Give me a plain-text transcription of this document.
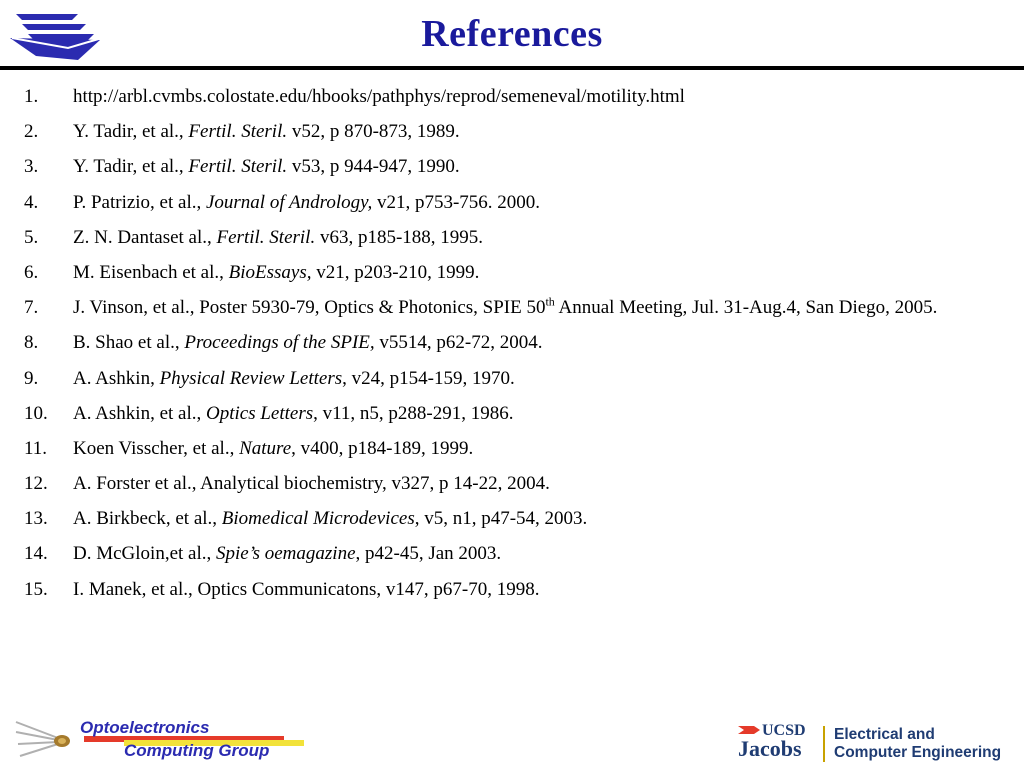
References
1.	http://arbl.cvmbs.colostate.edu/hbooks/pathphys/reprod/semeneval/motility.html
2.	Y. Tadir, et al., Fertil. Steril. v52, p 870-873, 1989.
3.	Y. Tadir, et al., Fertil. Steril. v53, p 944-947, 1990.
4.	P. Patrizio, et al., Journal of Andrology, v21, p753-756. 2000.
5.	Z. N. Dantaset al., Fertil. Steril. v63, p185-188, 1995.
6.	M. Eisenbach et al., BioEssays, v21, p203-210, 1999.
7.	J. Vinson, et al., Poster 5930-79, Optics & Photonics, SPIE 50th Annual Meeting, Jul. 31-Aug.4, San Diego, 2005.
8.	B. Shao et al., Proceedings of the SPIE, v5514, p62-72, 2004.
9.	A. Ashkin, Physical Review Letters, v24, p154-159, 1970.
10.	A. Ashkin, et al., Optics Letters, v11, n5, p288-291, 1986.
11.	Koen Visscher, et al., Nature, v400, p184-189, 1999.
12.	A. Forster et al., Analytical biochemistry, v327, p 14-22, 2004.
13.	A. Birkbeck, et al., Biomedical Microdevices, v5, n1, p47-54, 2003.
14.	D. McGloin,et al., Spie’s oemagazine, p42-45, Jan 2003.
15.	I. Manek, et al., Optics Communicatons, v147, p67-70, 1998.
Optoelectronics
Computing Group
UCSD
Jacobs
Electrical and
Computer Engineering
